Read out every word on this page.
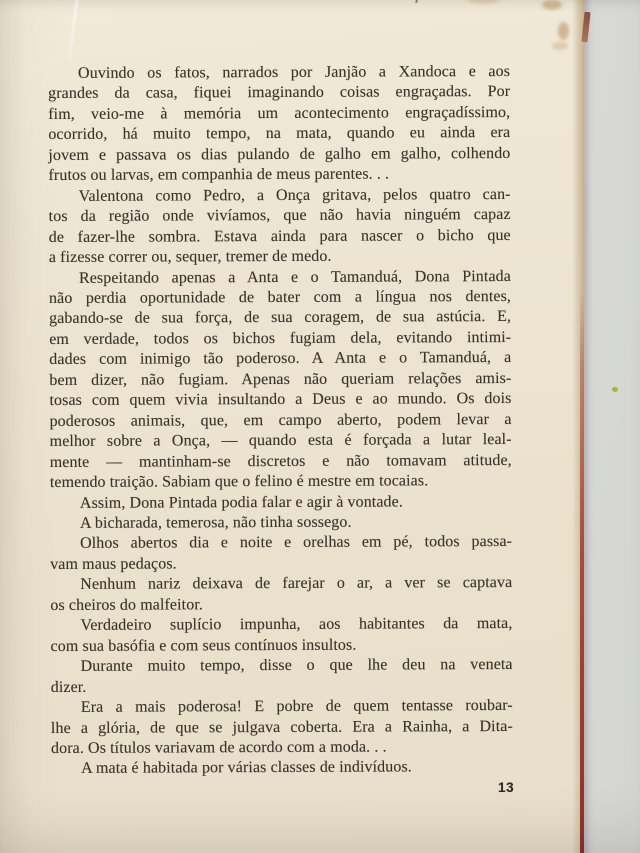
Ouvindo os fatos, narrados por Janjão a Xandoca e aos
grandes da casa, fiquei imaginando coisas engraçadas. Por
fim, veio-me à memória um acontecimento engraçadíssimo,
ocorrido, há muito tempo, na mata, quando eu ainda era
jovem e passava os dias pulando de galho em galho, colhendo
frutos ou larvas, em companhia de meus parentes. . .
Valentona como Pedro, a Onça gritava, pelos quatro can-
tos da região onde vivíamos, que não havia ninguém capaz
de fazer-lhe sombra. Estava ainda para nascer o bicho que
a fizesse correr ou, sequer, tremer de medo.
Respeitando apenas a Anta e o Tamanduá, Dona Pintada
não perdia oportunidade de bater com a língua nos dentes,
gabando-se de sua força, de sua coragem, de sua astúcia. E,
em verdade, todos os bichos fugiam dela, evitando intimi-
dades com inimigo tão poderoso. A Anta e o Tamanduá, a
bem dizer, não fugiam. Apenas não queriam relações amis-
tosas com quem vivia insultando a Deus e ao mundo. Os dois
poderosos animais, que, em campo aberto, podem levar a
melhor sobre a Onça, — quando esta é forçada a lutar leal-
mente — mantinham-se discretos e não tomavam atitude,
temendo traição. Sabiam que o felino é mestre em tocaias.
Assim, Dona Pintada podia falar e agir à vontade.
A bicharada, temerosa, não tinha sossego.
Olhos abertos dia e noite e orelhas em pé, todos passa-
vam maus pedaços.
Nenhum nariz deixava de farejar o ar, a ver se captava
os cheiros do malfeitor.
Verdadeiro suplício impunha, aos habitantes da mata,
com sua basófia e com seus contínuos insultos.
Durante muito tempo, disse o que lhe deu na veneta
dizer.
Era a mais poderosa! E pobre de quem tentasse roubar-
lhe a glória, de que se julgava coberta. Era a Rainha, a Dita-
dora. Os títulos variavam de acordo com a moda. . .
A mata é habitada por várias classes de indivíduos.
13
